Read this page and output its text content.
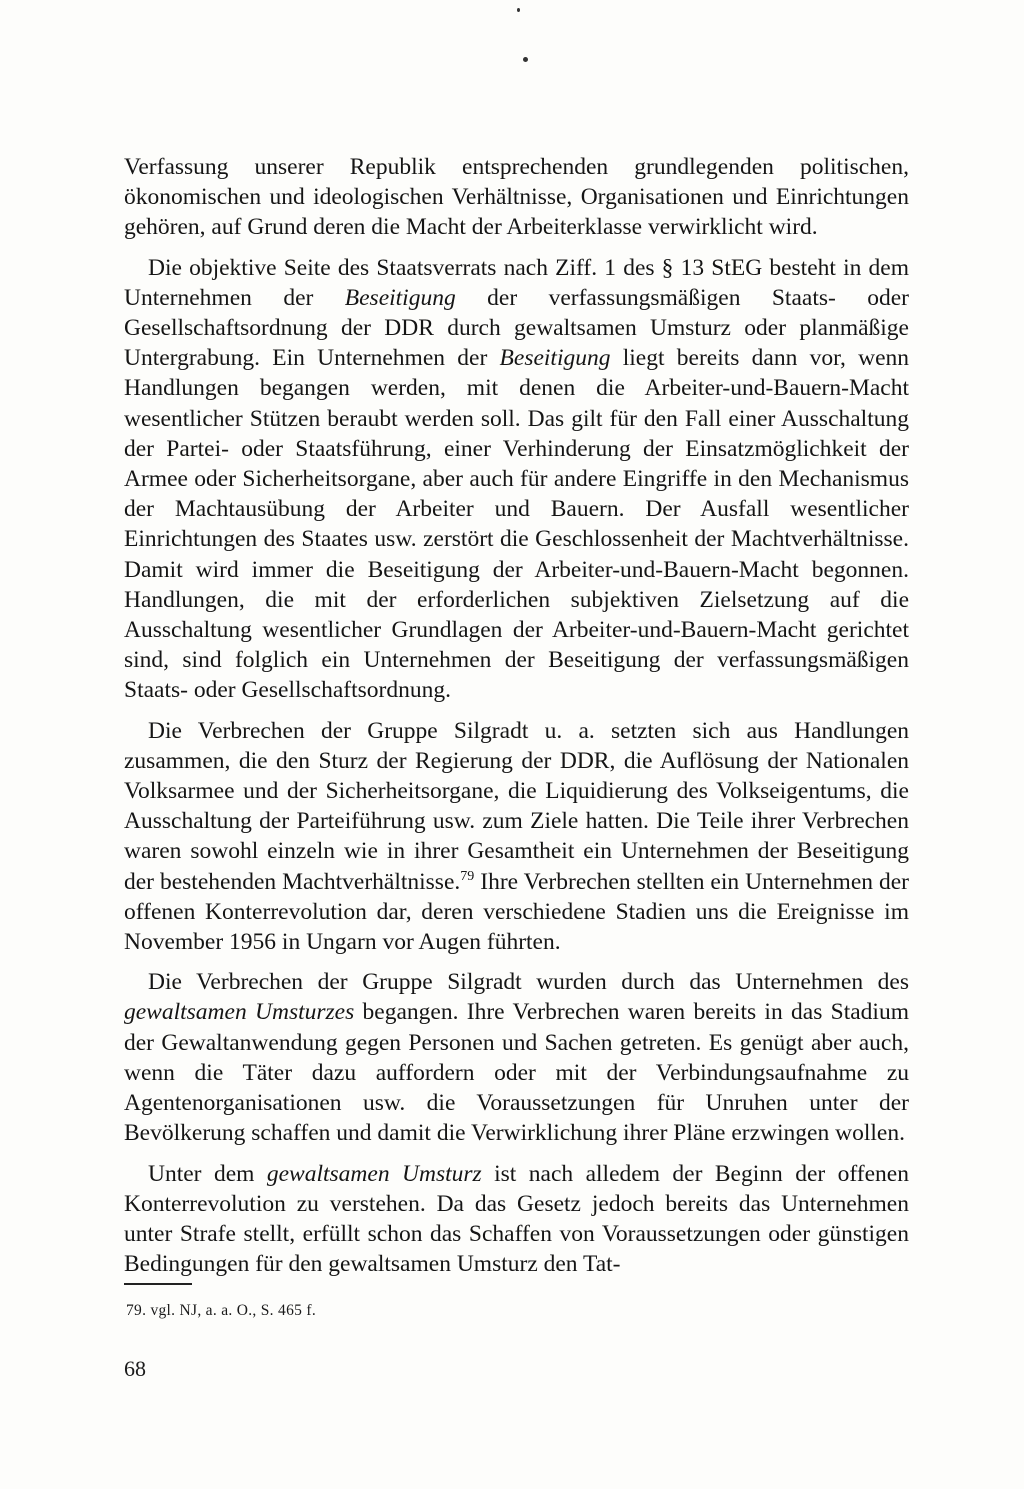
Verfassung unserer Republik entsprechenden grundlegenden politischen, ökonomischen und ideologischen Verhältnisse, Organisationen und Einrichtungen gehören, auf Grund deren die Macht der Arbeiterklasse verwirklicht wird.

Die objektive Seite des Staatsverrats nach Ziff. 1 des § 13 StEG besteht in dem Unternehmen der Beseitigung der verfassungsmäßigen Staats- oder Gesellschaftsordnung der DDR durch gewaltsamen Umsturz oder planmäßige Untergrabung. Ein Unternehmen der Beseitigung liegt bereits dann vor, wenn Handlungen begangen werden, mit denen die Arbeiter-und-Bauern-Macht wesentlicher Stützen beraubt werden soll. Das gilt für den Fall einer Ausschaltung der Partei- oder Staatsführung, einer Verhinderung der Einsatzmöglichkeit der Armee oder Sicherheitsorgane, aber auch für andere Eingriffe in den Mechanismus der Machtausübung der Arbeiter und Bauern. Der Ausfall wesentlicher Einrichtungen des Staates usw. zerstört die Geschlossenheit der Machtverhältnisse. Damit wird immer die Beseitigung der Arbeiter-und-Bauern-Macht begonnen. Handlungen, die mit der erforderlichen subjektiven Zielsetzung auf die Ausschaltung wesentlicher Grundlagen der Arbeiter-und-Bauern-Macht gerichtet sind, sind folglich ein Unternehmen der Beseitigung der verfassungsmäßigen Staats- oder Gesellschaftsordnung.

Die Verbrechen der Gruppe Silgradt u. a. setzten sich aus Handlungen zusammen, die den Sturz der Regierung der DDR, die Auflösung der Nationalen Volksarmee und der Sicherheitsorgane, die Liquidierung des Volkseigentums, die Ausschaltung der Parteiführung usw. zum Ziele hatten. Die Teile ihrer Verbrechen waren sowohl einzeln wie in ihrer Gesamtheit ein Unternehmen der Beseitigung der bestehenden Machtverhältnisse.$^{79}$ Ihre Verbrechen stellten ein Unternehmen der offenen Konterrevolution dar, deren verschiedene Stadien uns die Ereignisse im November 1956 in Ungarn vor Augen führten.

Die Verbrechen der Gruppe Silgradt wurden durch das Unternehmen des gewaltsamen Umsturzes begangen. Ihre Verbrechen waren bereits in das Stadium der Gewaltanwendung gegen Personen und Sachen getreten. Es genügt aber auch, wenn die Täter dazu auffordern oder mit der Verbindungsaufnahme zu Agentenorganisationen usw. die Voraussetzungen für Unruhen unter der Bevölkerung schaffen und damit die Verwirklichung ihrer Pläne erzwingen wollen.

Unter dem gewaltsamen Umsturz ist nach alledem der Beginn der offenen Konterrevolution zu verstehen. Da das Gesetz jedoch bereits das Unternehmen unter Strafe stellt, erfüllt schon das Schaffen von Voraussetzungen oder günstigen Bedingungen für den gewaltsamen Umsturz den Tat-

79. vgl. NJ, a. a. O., S. 465 f.
68
